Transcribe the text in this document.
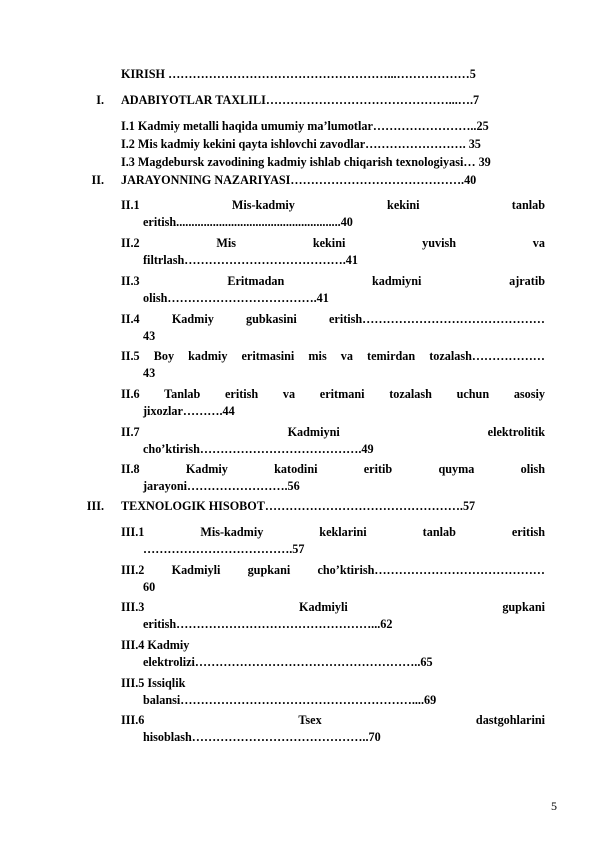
KIRISH ………………………………………………...………………5
I. ADABIYOTLAR TAXLILI………………………………………...….7
I.1 Kadmiy metalli haqida umumiy ma’lumotlar……………………..25
I.2 Mis kadmiy kekini qayta ishlovchi zavodlar……………………. 35
I.3 Magdebursk zavodining kadmiy ishlab chiqarish texnologiyasi… 39
II. JARAYONNING NAZARIYASI…………………………………….40
II.1 Mis-kadmiy kekini tanlab
eritish......................................................40
II.2 Mis kekini yuvish va
filtrlash………………………………….41
II.3 Eritmadan kadmiyni ajratib
olish……………………………….41
II.4 Kadmiy gubkasini eritish………………………………………
43
II.5 Boy kadmiy eritmasini mis va temirdan tozalash………………
43
II.6 Tanlab eritish va eritmani tozalash uchun asosiy
jixozlar……….44
II.7 Kadmiyni elektrolitik
cho’ktirish………………………………….49
II.8 Kadmiy katodini eritib quyma olish
jarayoni…………………….56
III. TEXNOLOGIK HISOBOT………………………………………….57
III.1 Mis-kadmiy keklarini tanlab eritish
……………………………….57
III.2 Kadmiyli gupkani cho’ktirish……………………………………
60
III.3 Kadmiyli gupkani
eritish…………………………………………...62
III.4 Kadmiy
elektrolizi………………………………………………..65
III.5 Issiqlik
balansi…………………………………………………....69
III.6 Tsex dastgohlarini
hisoblash……………………………………..70
5
